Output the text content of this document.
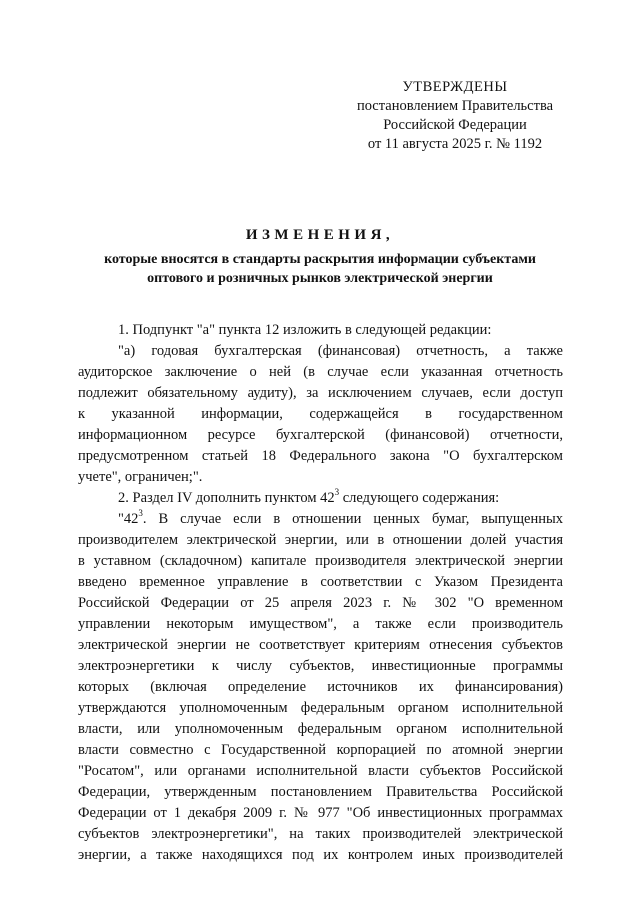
УТВЕРЖДЕНЫ
постановлением Правительства
Российской Федерации
от 11 августа 2025 г. № 1192
ИЗМЕНЕНИЯ,
которые вносятся в стандарты раскрытия информации субъектами
оптового и розничных рынков электрической энергии
1. Подпункт "а" пункта 12 изложить в следующей редакции:
"а) годовая бухгалтерская (финансовая) отчетность, а также
аудиторское заключение о ней (в случае если указанная отчетность
подлежит обязательному аудиту), за исключением случаев, если доступ
к указанной информации, содержащейся в государственном
информационном ресурсе бухгалтерской (финансовой) отчетности,
предусмотренном статьей 18 Федерального закона "О бухгалтерском
учете", ограничен;".
2. Раздел IV дополнить пунктом $42^3$ следующего содержания:
"$42^3$. В случае если в отношении ценных бумаг, выпущенных
производителем электрической энергии, или в отношении долей участия
в уставном (складочном) капитале производителя электрической энергии
введено временное управление в соответствии с Указом Президента
Российской Федерации от 25 апреля 2023 г. № 302 "О временном
управлении некоторым имуществом", а также если производитель
электрической энергии не соответствует критериям отнесения субъектов
электроэнергетики к числу субъектов, инвестиционные программы
которых (включая определение источников их финансирования)
утверждаются уполномоченным федеральным органом исполнительной
власти, или уполномоченным федеральным органом исполнительной
власти совместно с Государственной корпорацией по атомной энергии
"Росатом", или органами исполнительной власти субъектов Российской
Федерации, утвержденным постановлением Правительства Российской
Федерации от 1 декабря 2009 г. № 977 "Об инвестиционных программах
субъектов электроэнергетики", на таких производителей электрической
энергии, а также находящихся под их контролем иных производителей
